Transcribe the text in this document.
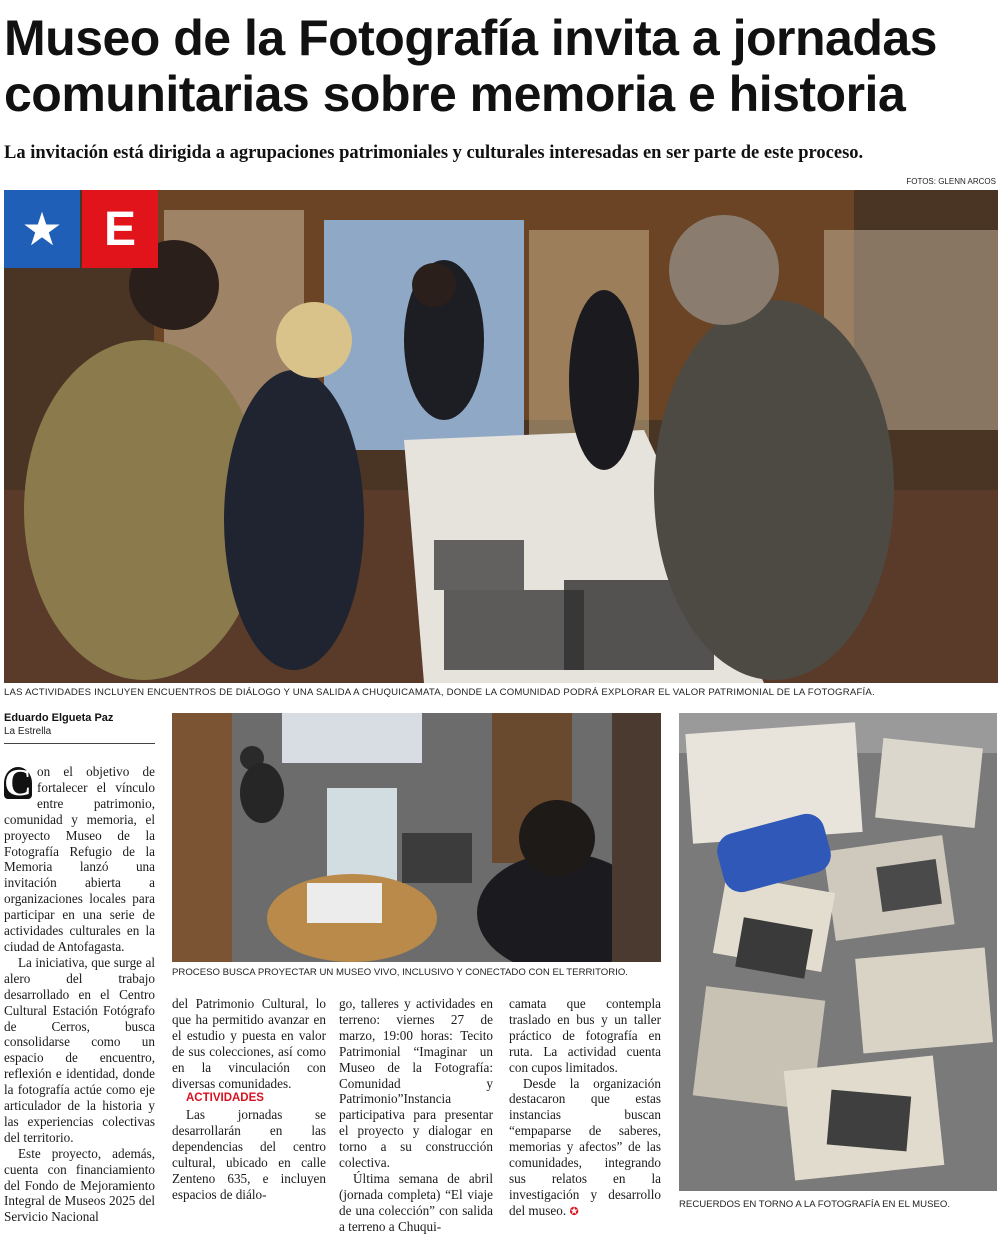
Museo de la Fotografía invita a jornadas comunitarias sobre memoria e historia

La invitación está dirigida a agrupaciones patrimoniales y culturales interesadas en ser parte de este proceso.

FOTOS: GLENN ARCOS
★ E
LAS ACTIVIDADES INCLUYEN ENCUENTROS DE DIÁLOGO Y UNA SALIDA A CHUQUICAMATA, DONDE LA COMUNIDAD PODRÁ EXPLORAR EL VALOR PATRIMONIAL DE LA FOTOGRAFÍA.
Eduardo Elgueta Paz
La Estrella

C on el objetivo de fortalecer el vínculo entre patrimonio, comunidad y memoria, el proyecto Museo de la Fotografía Refugio de la Memoria lanzó una invitación abierta a organizaciones locales para participar en una serie de actividades culturales en la ciudad de Antofagasta.

La iniciativa, que surge al alero del trabajo desarrollado en el Centro Cultural Estación Fotógrafo de Cerros, busca consolidarse como un espacio de encuentro, reflexión e identidad, donde la fotografía actúe como eje articulador de la historia y las experiencias colectivas del territorio.

Este proyecto, además, cuenta con financiamiento del Fondo de Mejoramiento Integral de Museos 2025 del Servicio Nacional

PROCESO BUSCA PROYECTAR UN MUSEO VIVO, INCLUSIVO Y CONECTADO CON EL TERRITORIO.

del Patrimonio Cultural, lo que ha permitido avanzar en el estudio y puesta en valor de sus colecciones, así como en la vinculación con diversas comunidades.

ACTIVIDADES

Las jornadas se desarrollarán en las dependencias del centro cultural, ubicado en calle Zenteno 635, e incluyen espacios de diálo-

go, talleres y actividades en terreno: viernes 27 de marzo, 19:00 horas: Tecito Patrimonial “Imaginar un Museo de la Fotografía: Comunidad y Patrimonio”Instancia participativa para presentar el proyecto y dialogar en torno a su construcción colectiva.

Última semana de abril (jornada completa) “El viaje de una colección” con salida a terreno a Chuqui-

camata que contempla traslado en bus y un taller práctico de fotografía en ruta. La actividad cuenta con cupos limitados.

Desde la organización destacaron que estas instancias buscan “empaparse de saberes, memorias y afectos” de las comunidades, integrando sus relatos en la investigación y desarrollo del museo. ✪

RECUERDOS EN TORNO A LA FOTOGRAFÍA EN EL MUSEO.
